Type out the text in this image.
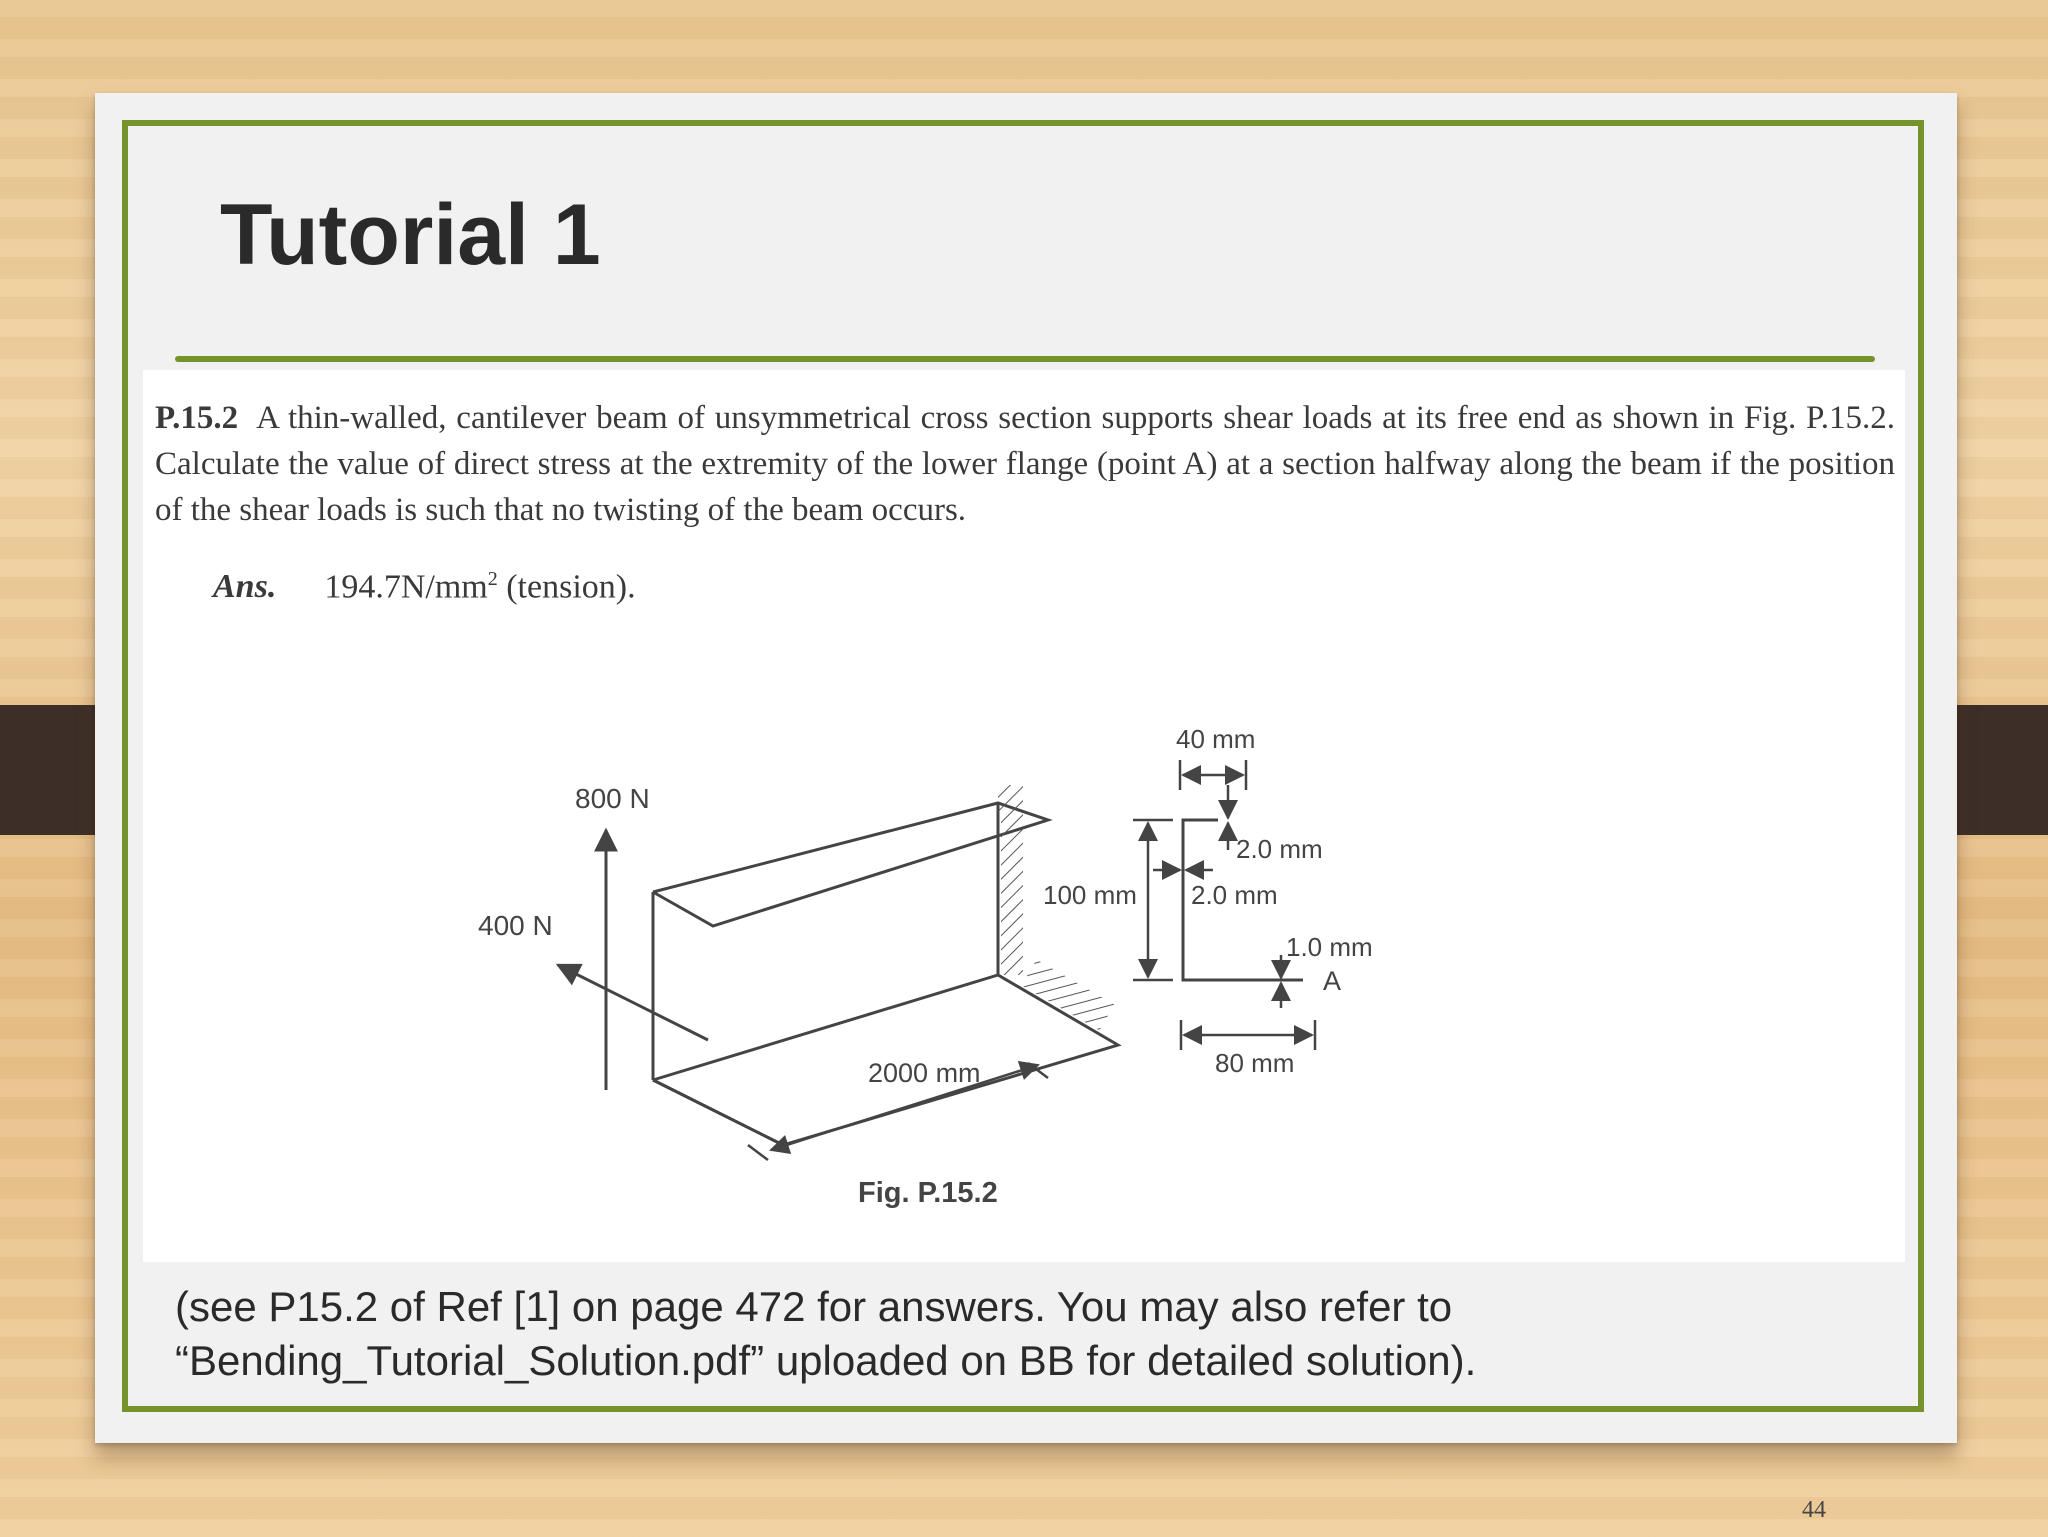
Tutorial 1

P.15.2 A thin-walled, cantilever beam of unsymmetrical cross section supports shear loads at its free end as shown in Fig. P.15.2. Calculate the value of direct stress at the extremity of the lower flange (point A) at a section halfway along the beam if the position of the shear loads is such that no twisting of the beam occurs.

Ans. $194.7N/mm^2$ (tension).
800 N
400 N
2000 mm
40 mm
2.0 mm
100 mm 2.0 mm
1.0 mm
A
80 mm
Fig. P.15.2

(see P15.2 of Ref [1] on page 472 for answers. You may also refer to
“Bending_Tutorial_Solution.pdf” uploaded on BB for detailed solution).

44
